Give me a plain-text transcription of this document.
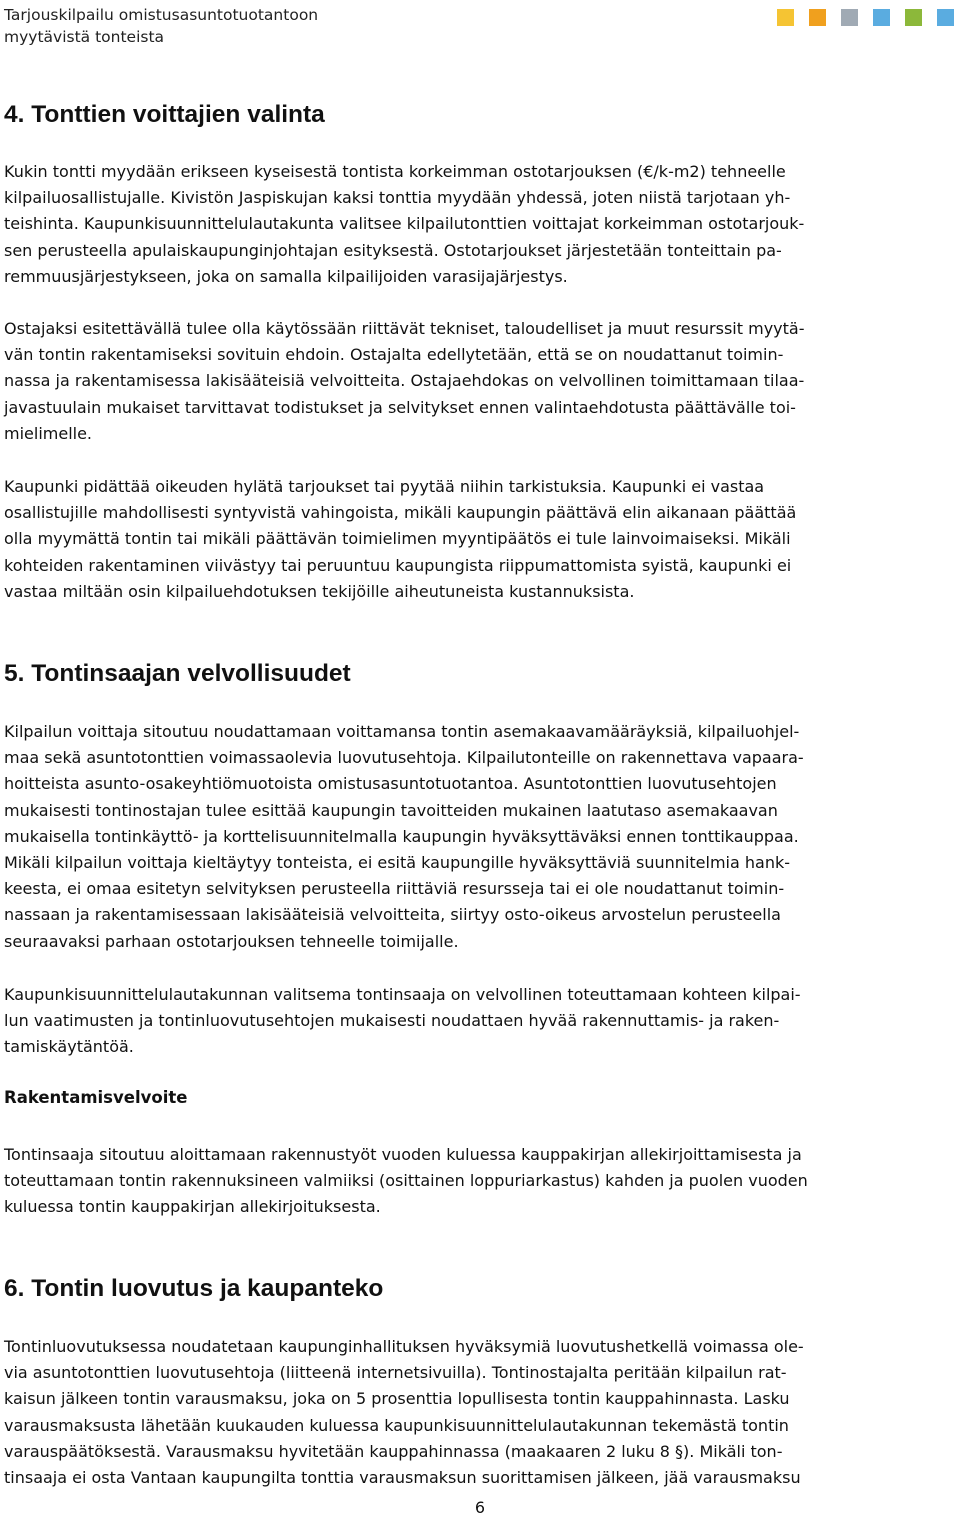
Tarjouskilpailu omistusasuntotuotantoon
myytävistä tonteista
4. Tonttien voittajien valinta
Kukin tontti myydään erikseen kyseisestä tontista korkeimman ostotarjouksen (€/k-m2) tehneelle
kilpailuosallistujalle. Kivistön Jaspiskujan kaksi tonttia myydään yhdessä, joten niistä tarjotaan yh-
teishinta. Kaupunkisuunnittelulautakunta valitsee kilpailutonttien voittajat korkeimman ostotarjouk-
sen perusteella apulaiskaupunginjohtajan esityksestä. Ostotarjoukset järjestetään tonteittain pa-
remmuusjärjestykseen, joka on samalla kilpailijoiden varasijajärjestys.
Ostajaksi esitettävällä tulee olla käytössään riittävät tekniset, taloudelliset ja muut resurssit myytä-
vän tontin rakentamiseksi sovituin ehdoin. Ostajalta edellytetään, että se on noudattanut toimin-
nassa ja rakentamisessa lakisääteisiä velvoitteita. Ostajaehdokas on velvollinen toimittamaan tilaa-
javastuulain mukaiset tarvittavat todistukset ja selvitykset ennen valintaehdotusta päättävälle toi-
mielimelle.
Kaupunki pidättää oikeuden hylätä tarjoukset tai pyytää niihin tarkistuksia. Kaupunki ei vastaa
osallistujille mahdollisesti syntyvistä vahingoista, mikäli kaupungin päättävä elin aikanaan päättää
olla myymättä tontin tai mikäli päättävän toimielimen myyntipäätös ei tule lainvoimaiseksi. Mikäli
kohteiden rakentaminen viivästyy tai peruuntuu kaupungista riippumattomista syistä, kaupunki ei
vastaa miltään osin kilpailuehdotuksen tekijöille aiheutuneista kustannuksista.
5. Tontinsaajan velvollisuudet
Kilpailun voittaja sitoutuu noudattamaan voittamansa tontin asemakaavamääräyksiä, kilpailuohjel-
maa sekä asuntotonttien voimassaolevia luovutusehtoja. Kilpailutonteille on rakennettava vapaara-
hoitteista asunto-osakeyhtiömuotoista omistusasuntotuotantoa. Asuntotonttien luovutusehtojen
mukaisesti tontinostajan tulee esittää kaupungin tavoitteiden mukainen laatutaso asemakaavan
mukaisella tontinkäyttö- ja korttelisuunnitelmalla kaupungin hyväksyttäväksi ennen tonttikauppaa.
Mikäli kilpailun voittaja kieltäytyy tonteista, ei esitä kaupungille hyväksyttäviä suunnitelmia hank-
keesta, ei omaa esitetyn selvityksen perusteella riittäviä resursseja tai ei ole noudattanut toimin-
nassaan ja rakentamisessaan lakisääteisiä velvoitteita, siirtyy osto-oikeus arvostelun perusteella
seuraavaksi parhaan ostotarjouksen tehneelle toimijalle.
Kaupunkisuunnittelulautakunnan valitsema tontinsaaja on velvollinen toteuttamaan kohteen kilpai-
lun vaatimusten ja tontinluovutusehtojen mukaisesti noudattaen hyvää rakennuttamis- ja raken-
tamiskäytäntöä.
Rakentamisvelvoite
Tontinsaaja sitoutuu aloittamaan rakennustyöt vuoden kuluessa kauppakirjan allekirjoittamisesta ja
toteuttamaan tontin rakennuksineen valmiiksi (osittainen loppuriarkastus) kahden ja puolen vuoden
kuluessa tontin kauppakirjan allekirjoituksesta.
6. Tontin luovutus ja kaupanteko
Tontinluovutuksessa noudatetaan kaupunginhallituksen hyväksymiä luovutushetkellä voimassa ole-
via asuntotonttien luovutusehtoja (liitteenä internetsivuilla). Tontinostajalta peritään kilpailun rat-
kaisun jälkeen tontin varausmaksu, joka on 5 prosenttia lopullisesta tontin kauppahinnasta. Lasku
varausmaksusta lähetään kuukauden kuluessa kaupunkisuunnittelulautakunnan tekemästä tontin
varauspäätöksestä. Varausmaksu hyvitetään kauppahinnassa (maakaaren 2 luku 8 §). Mikäli ton-
tinsaaja ei osta Vantaan kaupungilta tonttia varausmaksun suorittamisen jälkeen, jää varausmaksu
6
